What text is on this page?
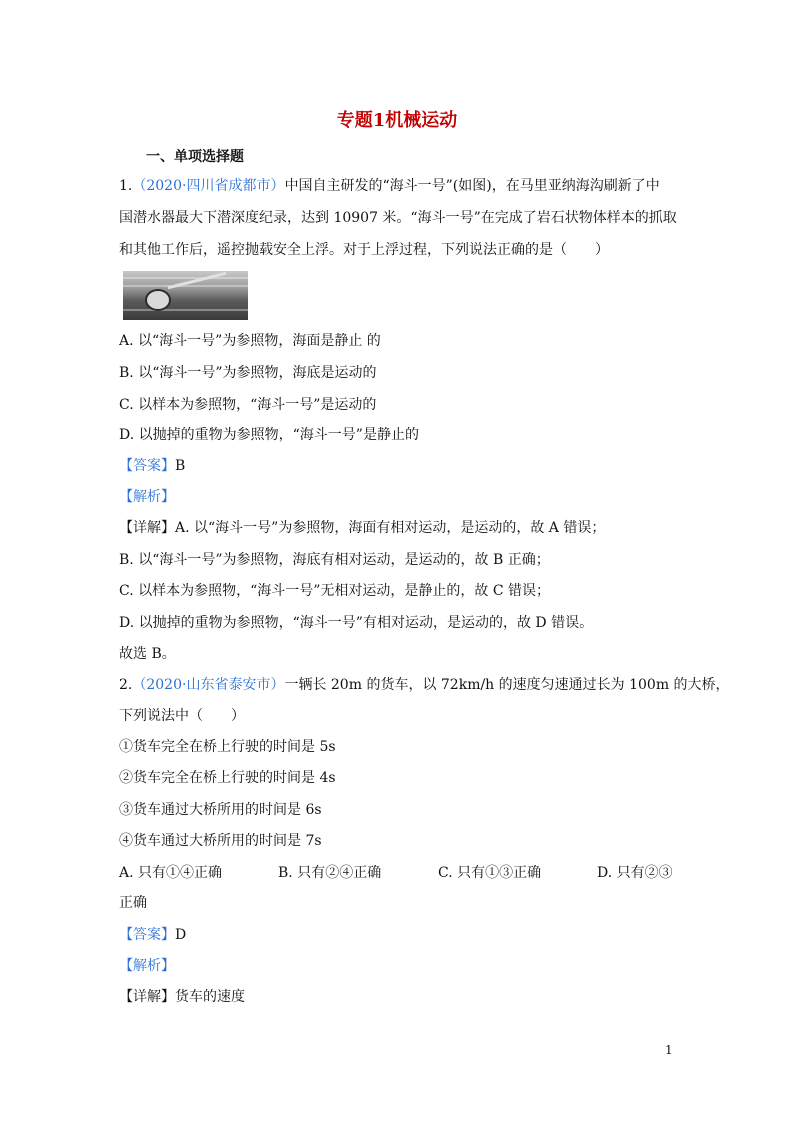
专题1机械运动
一、单项选择题
1.（2020·四川省成都市）中国自主研发的“海斗一号”(如图)，在马里亚纳海沟刷新了中
国潜水器最大下潜深度纪录，达到 10907 米。“海斗一号”在完成了岩石状物体样本的抓取
和其他工作后，遥控抛载安全上浮。对于上浮过程，下列说法正确的是（　　）
A. 以“海斗一号”为参照物，海面是静止 的
B. 以“海斗一号”为参照物，海底是运动的
C. 以样本为参照物，“海斗一号”是运动的
D. 以抛掉的重物为参照物，“海斗一号”是静止的
【答案】B
【解析】
【详解】A. 以“海斗一号”为参照物，海面有相对运动，是运动的，故 A 错误；
B. 以“海斗一号”为参照物，海底有相对运动，是运动的，故 B 正确；
C. 以样本为参照物，“海斗一号”无相对运动，是静止的，故 C 错误；
D. 以抛掉的重物为参照物，“海斗一号”有相对运动，是运动的，故 D 错误。
故选 B。
2.（2020·山东省泰安市）一辆长 20m 的货车，以 72km/h 的速度匀速通过长为 100m 的大桥，
下列说法中（　　）
①货车完全在桥上行驶的时间是 5s
②货车完全在桥上行驶的时间是 4s
③货车通过大桥所用的时间是 6s
④货车通过大桥所用的时间是 7s
A. 只有①④正确	B. 只有②④正确	C. 只有①③正确	D. 只有②③
正确
【答案】D
【解析】
【详解】货车的速度
1
